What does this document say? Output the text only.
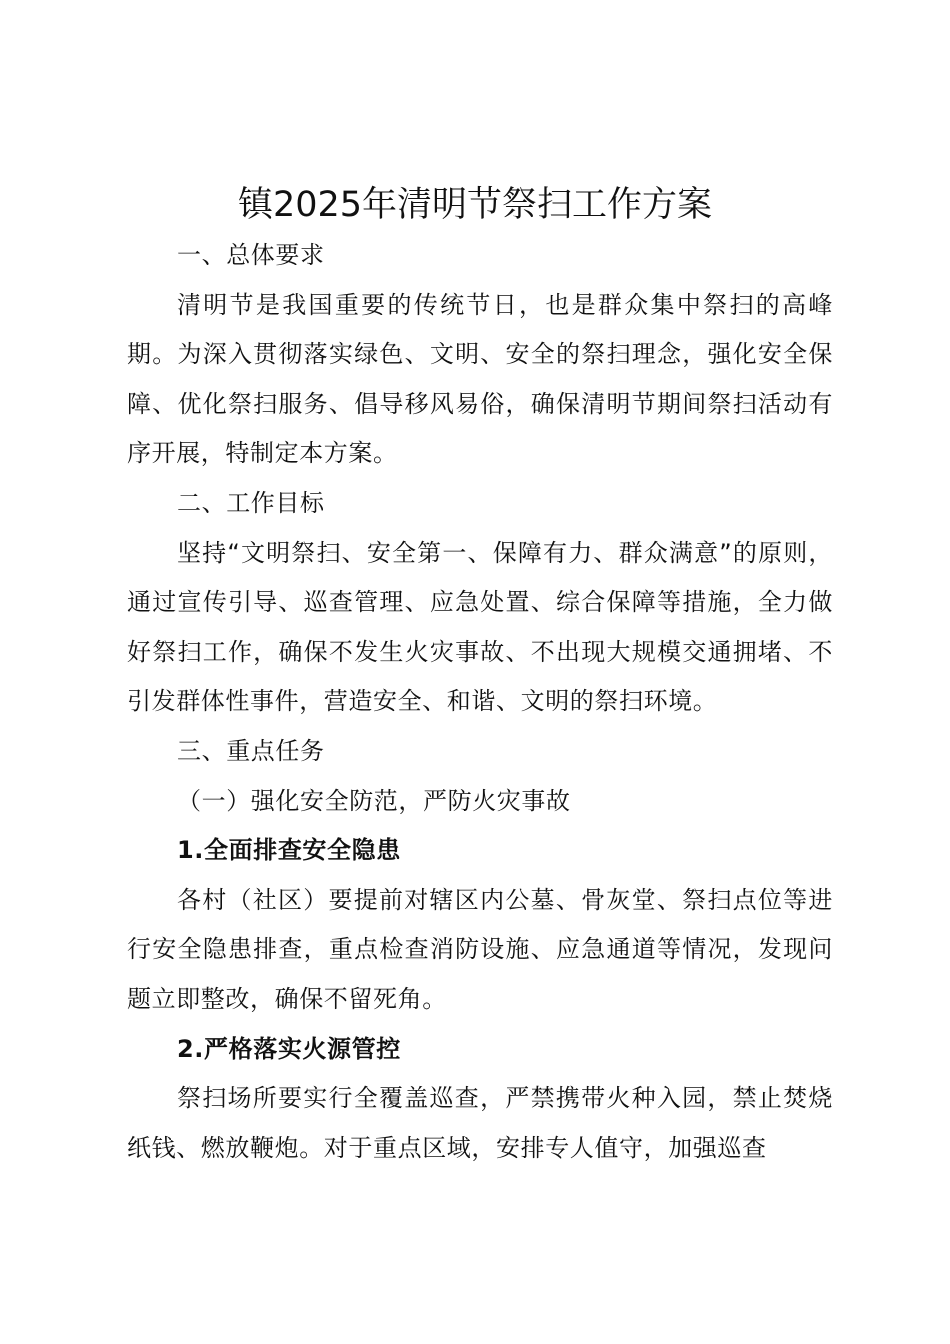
镇2025年清明节祭扫工作方案

一、总体要求

清明节是我国重要的传统节日，也是群众集中祭扫的高峰期。为深入贯彻落实绿色、文明、安全的祭扫理念，强化安全保障、优化祭扫服务、倡导移风易俗，确保清明节期间祭扫活动有序开展，特制定本方案。

二、工作目标

坚持“文明祭扫、安全第一、保障有力、群众满意”的原则，通过宣传引导、巡查管理、应急处置、综合保障等措施，全力做好祭扫工作，确保不发生火灾事故、不出现大规模交通拥堵、不引发群体性事件，营造安全、和谐、文明的祭扫环境。

三、重点任务

（一）强化安全防范，严防火灾事故

1.全面排查安全隐患

各村（社区）要提前对辖区内公墓、骨灰堂、祭扫点位等进行安全隐患排查，重点检查消防设施、应急通道等情况，发现问题立即整改，确保不留死角。

2.严格落实火源管控

祭扫场所要实行全覆盖巡查，严禁携带火种入园，禁止焚烧纸钱、燃放鞭炮。对于重点区域，安排专人值守，加强巡查
